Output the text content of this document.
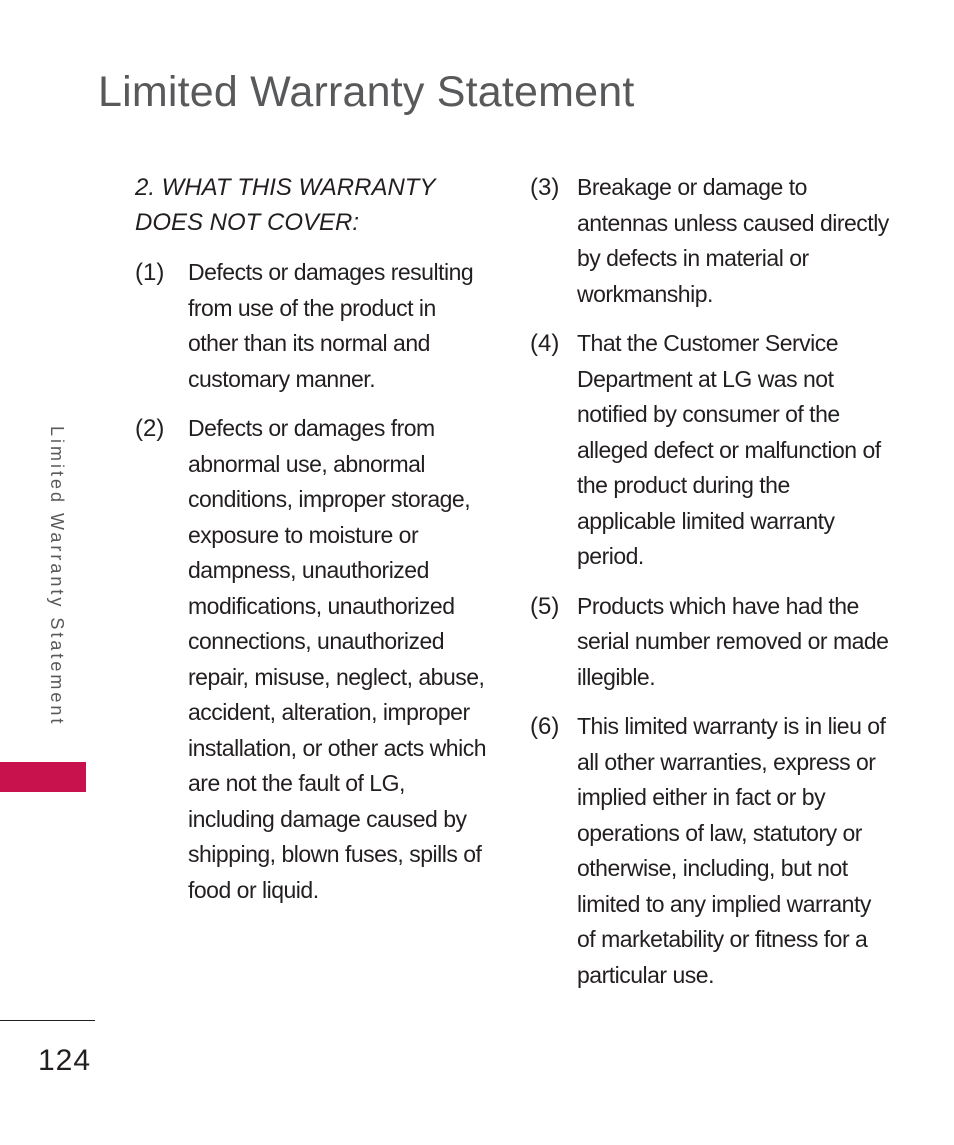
Limited Warranty Statement
Limited Warranty Statement
2. WHAT THIS WARRANTY
DOES NOT COVER:
(1)	Defects or damages resulting from use of the product in other than its normal and customary manner.
(2)	Defects or damages from abnormal use, abnormal conditions, improper storage, exposure to moisture or dampness, unauthorized modifications, unauthorized connections, unauthorized repair, misuse, neglect, abuse, accident, alteration, improper installation, or other acts which are not the fault of LG, including damage caused by shipping, blown fuses, spills of food or liquid.
(3) Breakage or damage to antennas unless caused directly by defects in material or workmanship.
(4) That the Customer Service Department at LG was not notified by consumer of the alleged defect or malfunction of the product during the applicable limited warranty period.
(5) Products which have had the serial number removed or made illegible.
(6) This limited warranty is in lieu of all other warranties, express or implied either in fact or by operations of law, statutory or otherwise, including, but not limited to any implied warranty of marketability or fitness for a particular use.
124
